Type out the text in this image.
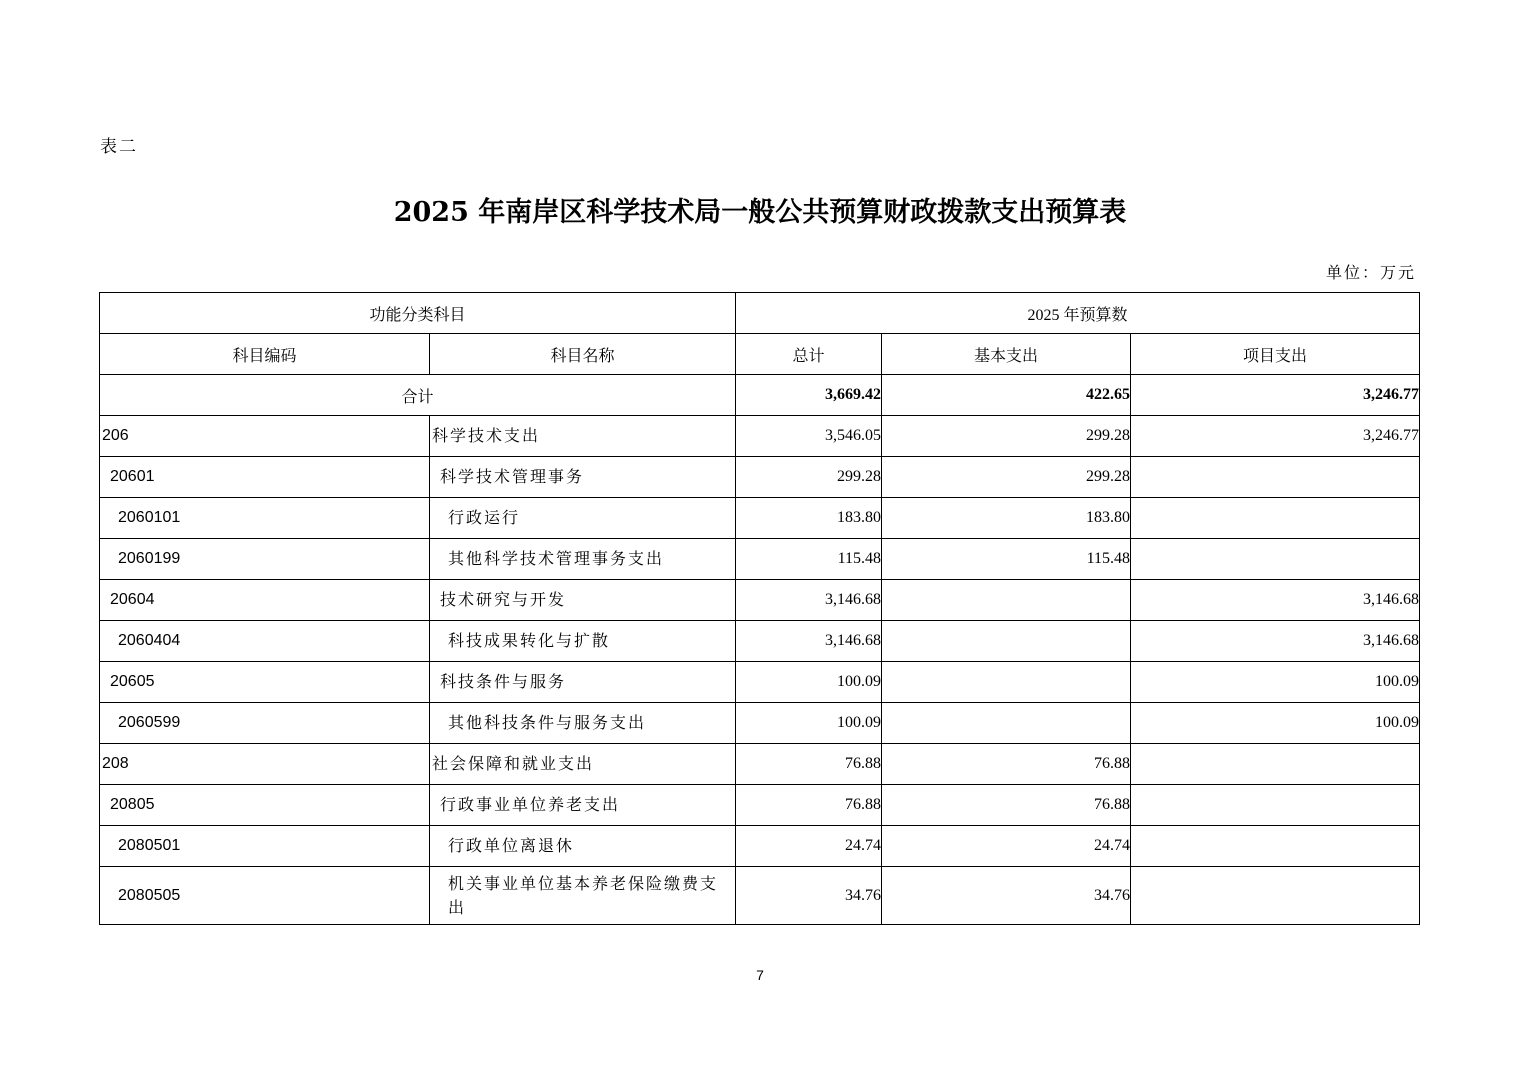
表二
2025 年南岸区科学技术局一般公共预算财政拨款支出预算表
单位：万元
功能分类科目		2025 年预算数		
科目编码	科目名称	总计	基本支出	项目支出
合计		3,669.42	422.65	3,246.77
206	科学技术支出	3,546.05	299.28	3,246.77
20601	科学技术管理事务	299.28	299.28	
2060101	行政运行	183.80	183.80	
2060199	其他科学技术管理事务支出	115.48	115.48	
20604	技术研究与开发	3,146.68		3,146.68
2060404	科技成果转化与扩散	3,146.68		3,146.68
20605	科技条件与服务	100.09		100.09
2060599	其他科技条件与服务支出	100.09		100.09
208	社会保障和就业支出	76.88	76.88	
20805	行政事业单位养老支出	76.88	76.88	
2080501	行政单位离退休	24.74	24.74	
2080505	机关事业单位基本养老保险缴费支出	34.76	34.76	
7
